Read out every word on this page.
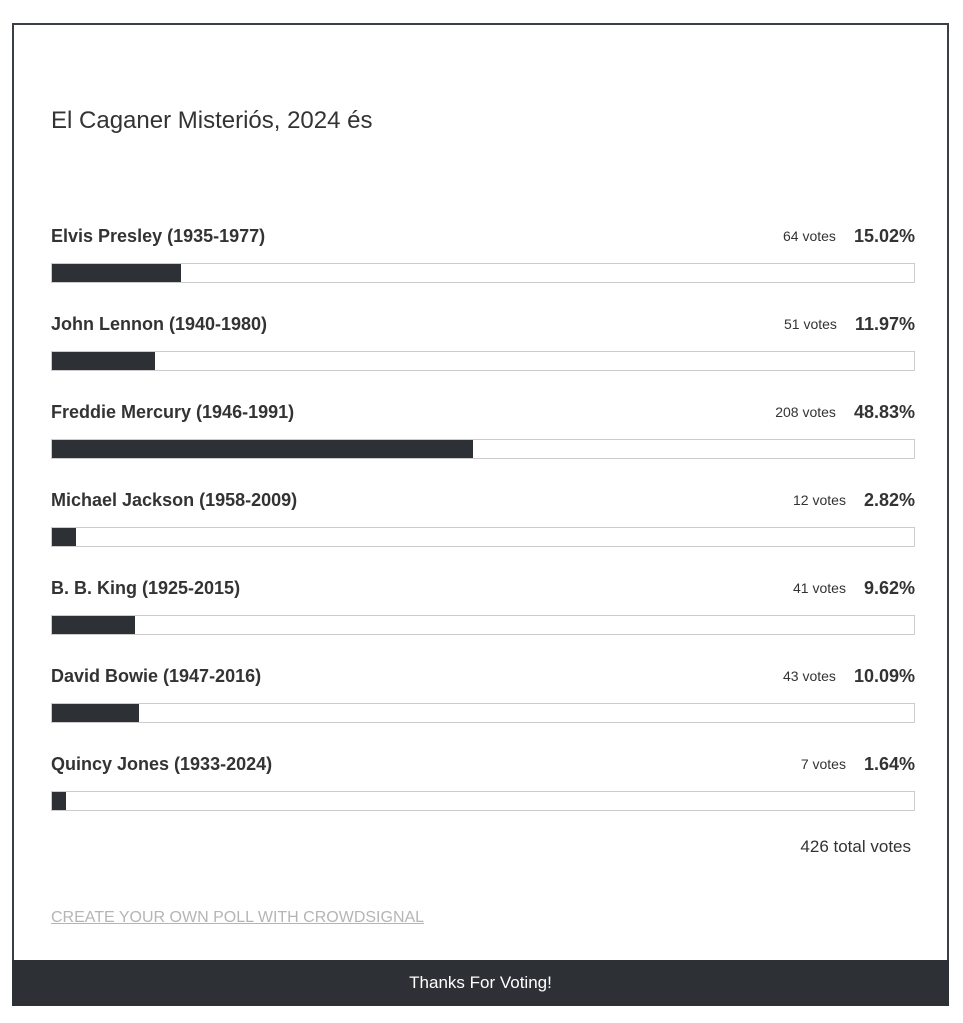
El Caganer Misteriós, 2024 és
Elvis Presley (1935-1977)	64 votes 15.02%
John Lennon (1940-1980)	51 votes 11.97%
Freddie Mercury (1946-1991)	208 votes 48.83%
Michael Jackson (1958-2009)	12 votes 2.82%
B. B. King (1925-2015)	41 votes 9.62%
David Bowie (1947-2016)	43 votes 10.09%
Quincy Jones (1933-2024)	7 votes 1.64%
426 total votes
CREATE YOUR OWN POLL WITH CROWDSIGNAL
Thanks For Voting!
